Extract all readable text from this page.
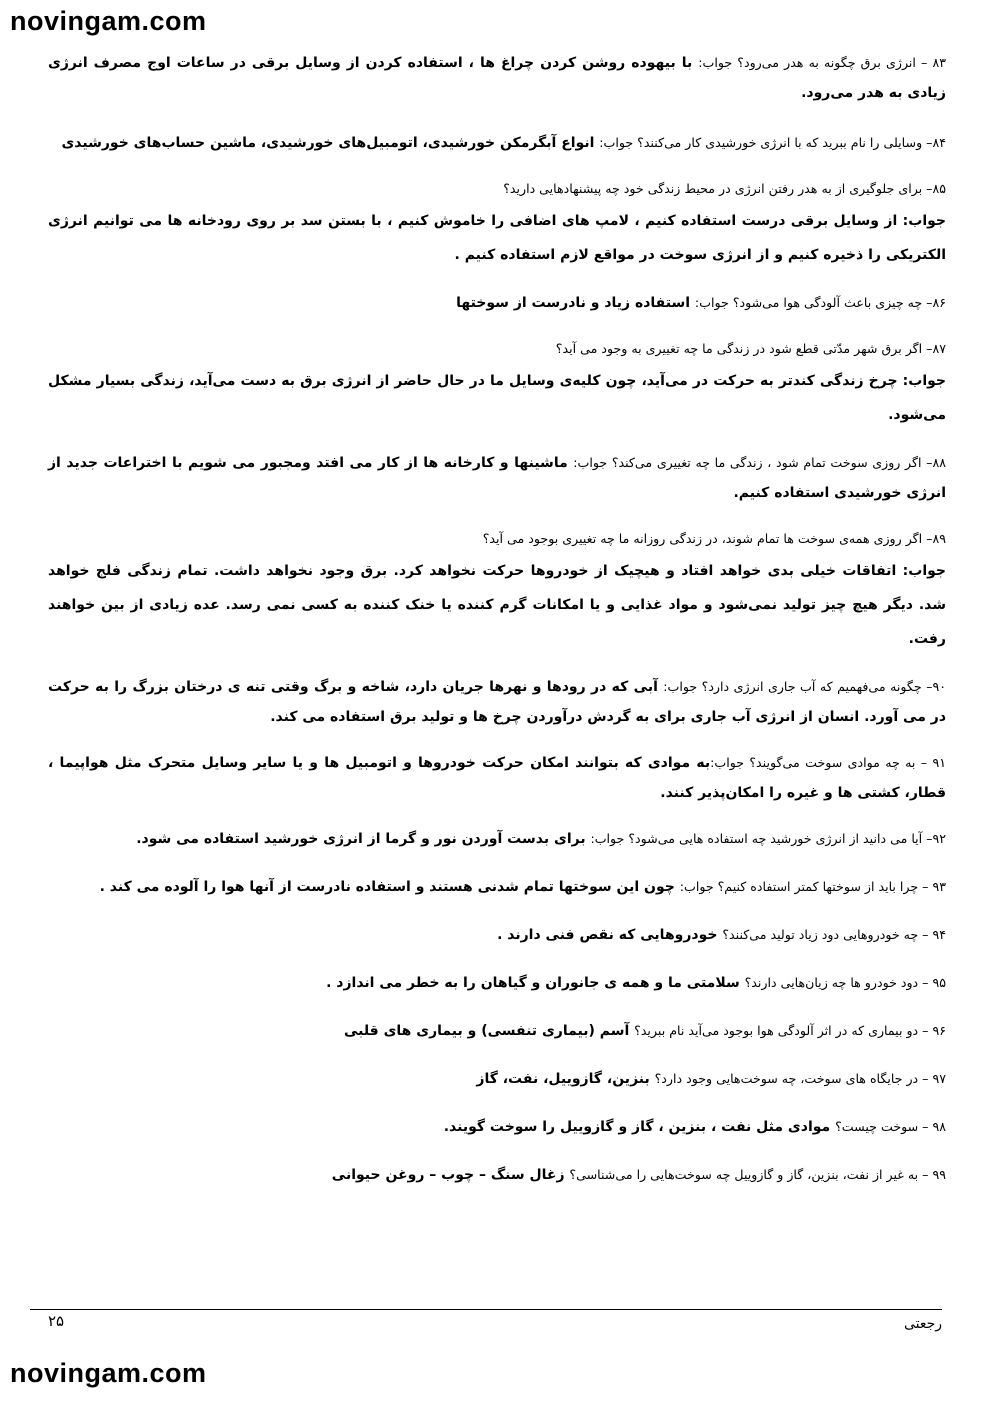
novingam.com

۸۳ – انرژی برق چگونه به هدر می‌رود؟ جواب: با بیهوده روشن کردن چراغ ها ، استفاده کردن از وسایل برقی در ساعات اوج مصرف انرژی زیادی به هدر می‌رود.

۸۴– وسایلی را نام ببرید که با انرژی خورشیدی کار می‌کنند؟ جواب: انواع آبگرمکن خورشیدی، اتومبیل‌های خورشیدی، ماشین حساب‌های خورشیدی

۸۵– برای جلوگیری از به هدر رفتن انرژی در محیط زندگی خود چه پیشنهادهایی دارید؟
جواب: از وسایل برقی درست استفاده کنیم ، لامپ های اضافی را خاموش کنیم ، با بستن سد بر روی رودخانه ها می توانیم انرژی الکتریکی را ذخیره کنیم و از انرژی سوخت در مواقع لازم استفاده کنیم .

۸۶– چه چیزی باعث آلودگی هوا می‌شود؟ جواب: استفاده زیاد و نادرست از سوختها

۸۷– اگر برق شهر مدّتی قطع شود در زندگی ما چه تغییری به وجود می آید؟
جواب: چرخ زندگی کندتر به حرکت در می‌آید، چون کلیه‌ی وسایل ما در حال حاضر از انرژی برق به دست می‌آید، زندگی بسیار مشکل می‌شود.

۸۸– اگر روزی سوخت تمام شود ، زندگی ما چه تغییری می‌کند؟ جواب: ماشینها و کارخانه ها از کار می افتد ومجبور می شویم با اختراعات جدید از انرژی خورشیدی استفاده کنیم.

۸۹– اگر روزی همه‌ی سوخت ها تمام شوند، در زندگی روزانه ما چه تغییری بوجود می آید؟
جواب: اتفاقات خیلی بدی خواهد افتاد و هیچیک از خودروها حرکت نخواهد کرد. برق وجود نخواهد داشت. تمام زندگی فلج خواهد شد. دیگر هیچ چیز تولید نمی‌شود و مواد غذایی و یا امکانات گرم کننده یا خنک کننده به کسی نمی رسد. عده زیادی از بین خواهند رفت.

۹۰– چگونه می‌فهمیم که آب جاری انرژی دارد؟ جواب: آبی که در رودها و نهرها جریان دارد، شاخه و برگ وقتی تنه ی درختان بزرگ را به حرکت در می آورد. انسان از انرژی آب جاری برای به گردش درآوردن چرخ ها و تولید برق استفاده می کند.

۹۱ – به چه موادی سوخت می‌گویند؟ جواب:به موادی که بتوانند امکان حرکت خودروها و اتومبیل ها و یا سایر وسایل متحرک مثل هواپیما ، قطار، کشتی ها و غیره را امکان‌پذیر کنند.

۹۲– آیا می دانید از انرژی خورشید چه استفاده هایی می‌شود؟ جواب: برای بدست آوردن نور و گرما از انرژی خورشید استفاده می شود.

۹۳ – چرا باید از سوختها کمتر استفاده کنیم؟ جواب: چون این سوختها تمام شدنی هستند و استفاده نادرست از آنها هوا را آلوده می کند .

۹۴ – چه خودروهایی دود زیاد تولید می‌کنند؟ خودروهایی که نقص فنی دارند .

۹۵ – دود خودرو ها چه زیان‌هایی دارند؟ سلامتی ما و همه ی جانوران و گیاهان را به خطر می اندازد .

۹۶ – دو بیماری که در اثر آلودگی هوا بوجود می‌آید نام ببرید؟ آسم (بیماری تنفسی) و بیماری های قلبی

۹۷ – در جایگاه های سوخت، چه سوخت‌هایی وجود دارد؟ بنزین، گازوییل، نفت، گاز

۹۸ – سوخت چیست؟ موادی مثل نفت ، بنزین ، گاز و گازوییل را سوخت گویند.

۹۹ – به غیر از نفت، بنزین، گاز و گازوییل چه سوخت‌هایی را می‌شناسی؟ زغال سنگ – چوب – روغن حیوانی

۲۵	رجعتی
novingam.com
